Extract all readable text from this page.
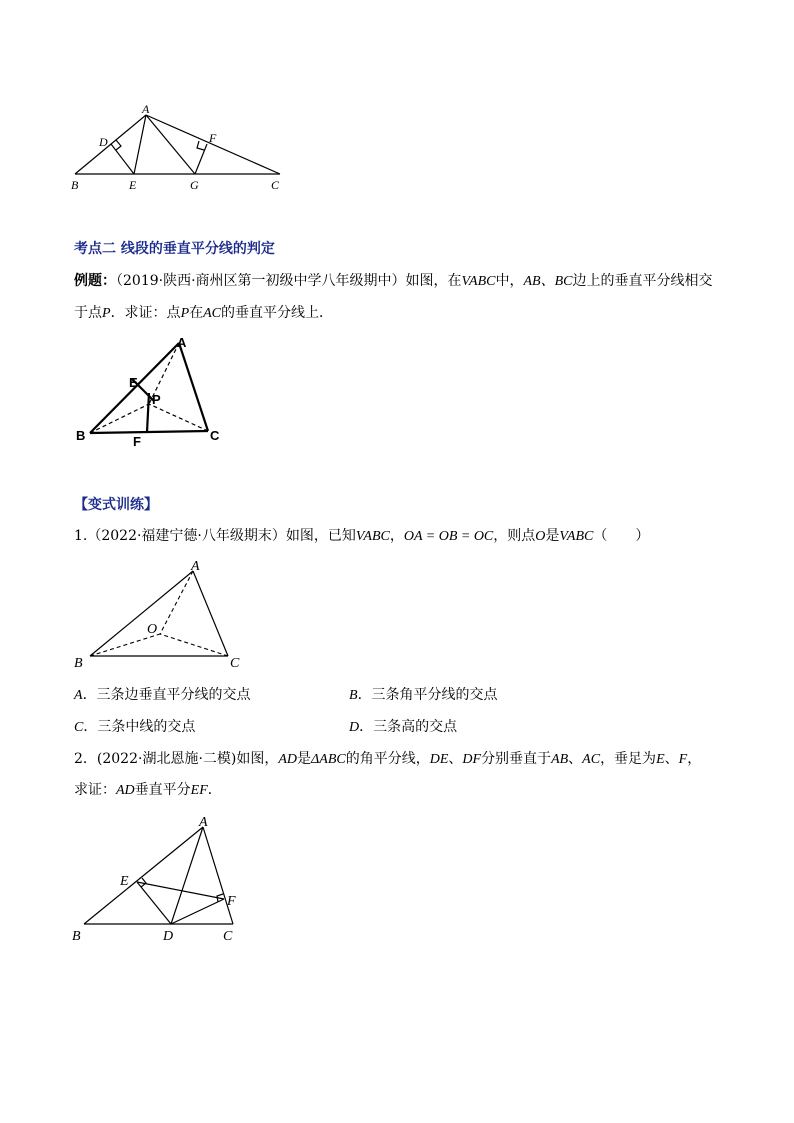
A
B	C
D
E
F
G
考点二 线段的垂直平分线的判定
例题：（2019·陕西·商州区第一初级中学八年级期中）如图，在VABC中，AB、BC边上的垂直平分线相交
于点P．求证：点P在AC的垂直平分线上．
A
B	C
E
F
P
【变式训练】
1.（2022·福建宁德·八年级期末）如图，已知VABC，OA = OB = OC，则点O是VABC（　　）
A
B	C
O
A．三条边垂直平分线的交点	B．三条角平分线的交点
C．三条中线的交点	D．三条高的交点
2．(2022·湖北恩施·二模)如图，AD是ΔABC的角平分线，DE、DF分别垂直于AB、AC，垂足为E、F，
求证：AD垂直平分EF．
A
B	C
D
E
F
